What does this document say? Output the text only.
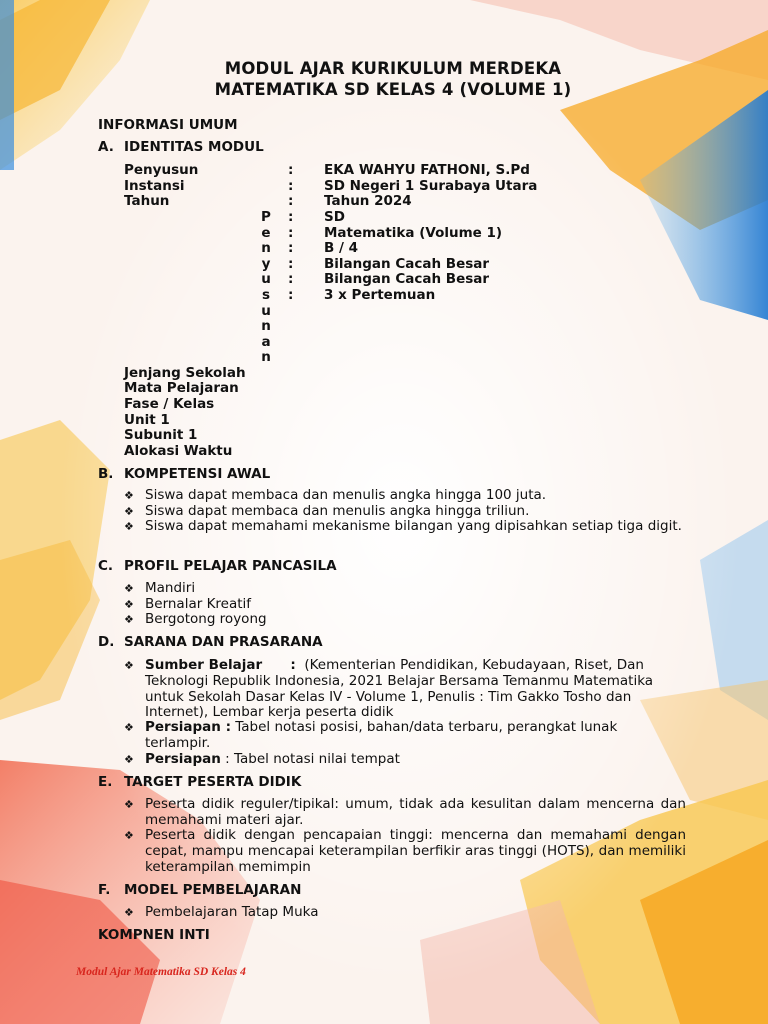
MODUL AJAR KURIKULUM MERDEKA
MATEMATIKA SD KELAS 4 (VOLUME 1)
INFORMASI UMUM
A. IDENTITAS MODUL
Penyusun
Instansi
Tahun
:
:
:
:
:
:
:
:
:
EKA WAHYU FATHONI, S.Pd
SD Negeri 1 Surabaya Utara
Tahun 2024
SD
Matematika (Volume 1)
B / 4
Bilangan Cacah Besar
Bilangan Cacah Besar
3 x Pertemuan
P
e
n
y
u
s
u
n
a
n
Jenjang Sekolah
Mata Pelajaran
Fase / Kelas
Unit 1
Subunit 1
Alokasi Waktu
B. KOMPETENSI AWAL
❖ Siswa dapat membaca dan menulis angka hingga 100 juta.
❖ Siswa dapat membaca dan menulis angka hingga triliun.
❖ Siswa dapat memahami mekanisme bilangan yang dipisahkan setiap tiga digit.
C. PROFIL PELAJAR PANCASILA
❖ Mandiri
❖ Bernalar Kreatif
❖ Bergotong royong
D. SARANA DAN PRASARANA
❖ Sumber Belajar      :  (Kementerian Pendidikan, Kebudayaan, Riset, Dan Teknologi Republik Indonesia, 2021 Belajar Bersama Temanmu Matematika untuk Sekolah Dasar Kelas IV - Volume 1, Penulis : Tim Gakko Tosho dan Internet), Lembar kerja peserta didik
❖ Persiapan : Tabel notasi posisi, bahan/data terbaru, perangkat lunak terlampir.
❖ Persiapan : Tabel notasi nilai tempat
E. TARGET PESERTA DIDIK
❖ Peserta didik reguler/tipikal: umum, tidak ada kesulitan dalam mencerna dan memahami materi ajar.
❖ Peserta didik dengan pencapaian tinggi: mencerna dan memahami dengan cepat, mampu mencapai keterampilan berfikir aras tinggi (HOTS), dan memiliki keterampilan memimpin
F. MODEL PEMBELAJARAN
❖ Pembelajaran Tatap Muka
KOMPNEN INTI
Modul Ajar Matematika SD Kelas 4
